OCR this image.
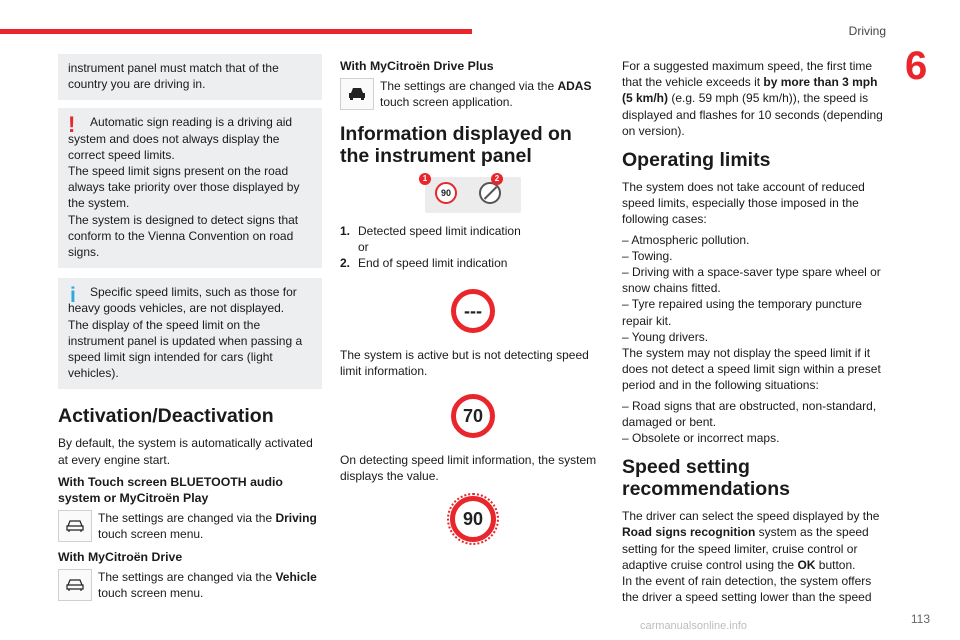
Driving
6

instrument panel must match that of the country you are driving in.

!	Automatic sign reading is a driving aid system and does not always display the correct speed limits.

The speed limit signs present on the road always take priority over those displayed by the system.

The system is designed to detect signs that conform to the Vienna Convention on road signs.

i	Specific speed limits, such as those for heavy goods vehicles, are not displayed.

The display of the speed limit on the instrument panel is updated when passing a speed limit sign intended for cars (light vehicles).

Activation/Deactivation

By default, the system is automatically activated at every engine start.

With Touch screen BLUETOOTH audio system or MyCitroën Play
The settings are changed via the Driving touch screen menu.
With MyCitroën Drive
The settings are changed via the Vehicle touch screen menu.
With MyCitroën Drive Plus
The settings are changed via the ADAS touch screen application.
Information displayed on the instrument panel
90
1	2
1. Detected speed limit indication
or
2. End of speed limit indication
---

The system is active but is not detecting speed limit information.

70

On detecting speed limit information, the system displays the value.

90

For a suggested maximum speed, the first time that the vehicle exceeds it by more than 3 mph (5 km/h) (e.g. 59 mph (95 km/h)), the speed is displayed and flashes for 10 seconds (depending on version).

Operating limits

The system does not take account of reduced speed limits, especially those imposed in the following cases:

– Atmospheric pollution.
– Towing.
– Driving with a space-saver type spare wheel or snow chains fitted.
– Tyre repaired using the temporary puncture repair kit.
– Young drivers.

The system may not display the speed limit if it does not detect a speed limit sign within a preset period and in the following situations:

– Road signs that are obstructed, non-standard, damaged or bent.
– Obsolete or incorrect maps.
Speed setting recommendations

The driver can select the speed displayed by the Road signs recognition system as the speed setting for the speed limiter, cruise control or adaptive cruise control using the OK button.
In the event of rain detection, the system offers the driver a speed setting lower than the speed

113
carmanualsonline.info
